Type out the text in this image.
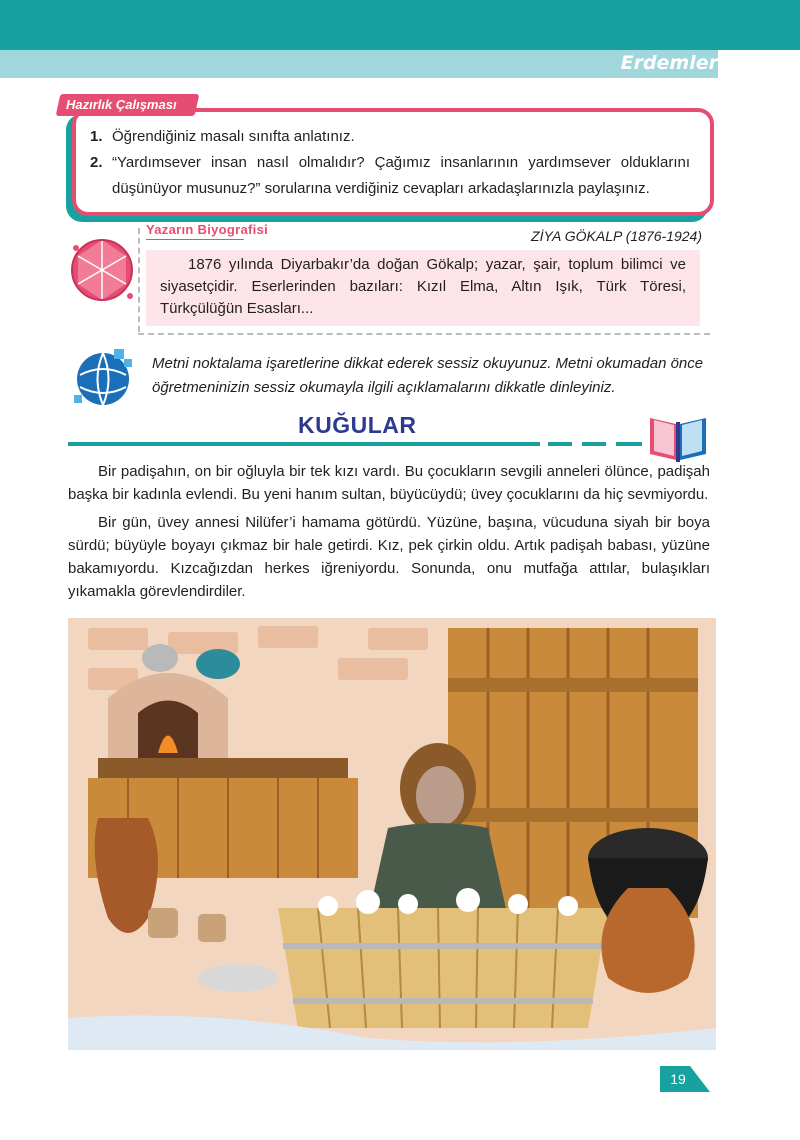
Erdemler
Hazırlık Çalışması
1. Öğrendiğiniz masalı sınıfta anlatınız.
2. “Yardımsever insan nasıl olmalıdır? Çağımız insanlarının yardımsever olduklarını düşünüyor musunuz?” sorularına verdiğiniz cevapları arkadaşlarınızla paylaşınız.
Yazarın Biyografisi	ZİYA GÖKALP (1876-1924)
1876 yılında Diyarbakır’da doğan Gökalp; yazar, şair, toplum bilimci ve siyasetçidir. Eserlerinden bazıları: Kızıl Elma, Altın Işık, Türk Töresi, Türkçülüğün Esasları...
Metni noktalama işaretlerine dikkat ederek sessiz okuyunuz. Metni okumadan önce öğretmeninizin sessiz okumayla ilgili açıklamalarını dikkatle dinleyiniz.
KUĞULAR

Bir padişahın, on bir oğluyla bir tek kızı vardı. Bu çocukların sevgili anneleri ölünce, padişah başka bir kadınla evlendi. Bu yeni hanım sultan, büyücüydü; üvey çocuklarını da hiç sevmiyordu.

Bir gün, üvey annesi Nilüfer’i hamama götürdü. Yüzüne, başına, vücuduna siyah bir boya sürdü; büyüyle boyayı çıkmaz bir hale getirdi. Kız, pek çirkin oldu. Artık padişah babası, yüzüne bakamıyordu. Kızcağızdan herkes iğreniyordu. Sonunda, onu mutfağa attılar, bulaşıkları yıkamakla görevlendirdiler.

19
